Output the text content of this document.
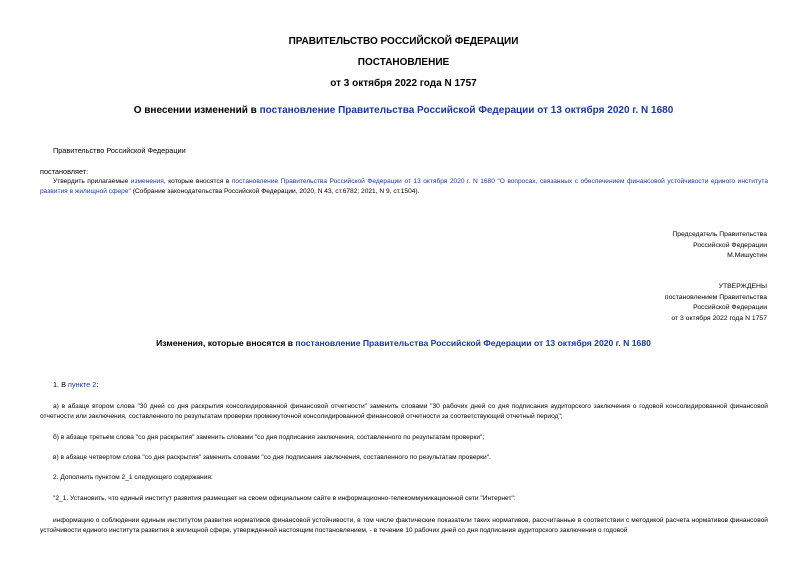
ПРАВИТЕЛЬСТВО РОССИЙСКОЙ ФЕДЕРАЦИИ
ПОСТАНОВЛЕНИЕ
от 3 октября 2022 года N 1757
О внесении изменений в постановление Правительства Российской Федерации от 13 октября 2020 г. N 1680
Правительство Российской Федерации
постановляет:
Утвердить прилагаемые изменения, которые вносятся в постановление Правительства Российской Федерации от 13 октября 2020 г. N 1680 "О вопросах, связанных с обеспечением финансовой устойчивости единого института развития в жилищной сфере" (Собрание законодательства Российской Федерации, 2020, N 43, ст.6782; 2021, N 9, ст.1504).
Председатель Правительства
Российской Федерации
М.Мишустин
УТВЕРЖДЕНЫ
постановлением Правительства
Российской Федерации
от 3 октября 2022 года N 1757
Изменения, которые вносятся в постановление Правительства Российской Федерации от 13 октября 2020 г. N 1680
1. В пункте 2:
а) в абзаце втором слова "30 дней со дня раскрытия консолидированной финансовой отчетности" заменить словами "30 рабочих дней со дня подписания аудиторского заключения о годовой консолидированной финансовой отчетности или заключения, составленного по результатам проверки промежуточной консолидированной финансовой отчетности за соответствующий отчетный период";
б) в абзаце третьем слова "со дня раскрытия" заменить словами "со дня подписания заключения, составленного по результатам проверки";
в) в абзаце четвертом слова "со дня раскрытия" заменить словами "со дня подписания заключения, составленного по результатам проверки".
2. Дополнить пунктом 2_1 следующего содержания:
"2_1. Установить, что единый институт развития размещает на своем официальном сайте в информационно-телекоммуникационной сети "Интернет":
информацию о соблюдении единым институтом развития нормативов финансовой устойчивости, в том числе фактические показатели таких нормативов, рассчитанные в соответствии с методикой расчета нормативов финансовой устойчивости единого института развития в жилищной сфере, утвержденной настоящим постановлением, - в течение 10 рабочих дней со дня подписания аудиторского заключения о годовой
